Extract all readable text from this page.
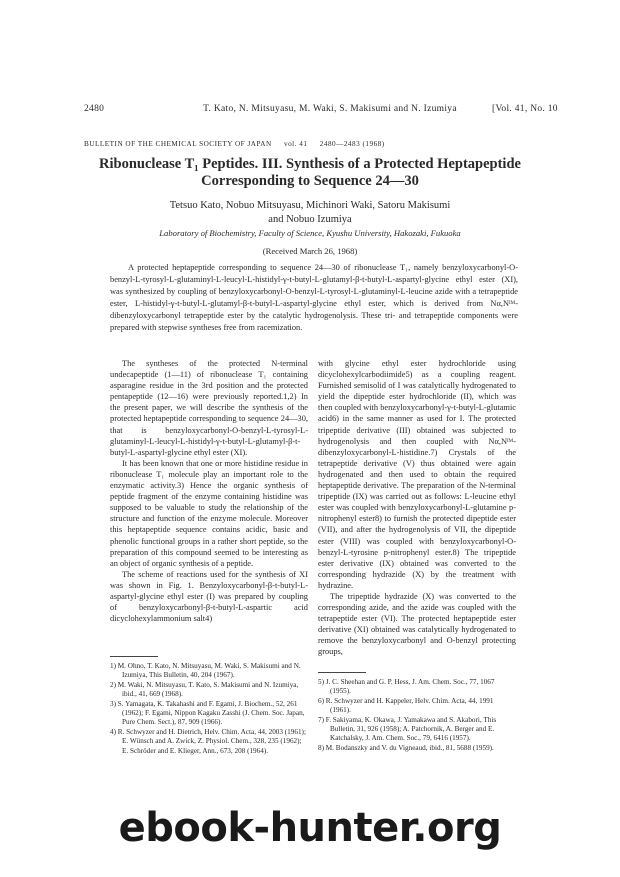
2480	T. Kato, N. Mitsuyasu, M. Waki, S. Makisumi and N. Izumiya	[Vol. 41, No. 10
BULLETIN OF THE CHEMICAL SOCIETY OF JAPAN vol. 41 2480—2483 (1968)
Ribonuclease T₁ Peptides. III. Synthesis of a Protected Heptapeptide
Corresponding to Sequence 24—30
Tetsuo Kato, Nobuo Mitsuyasu, Michinori Waki, Satoru Makisumi
and Nobuo Izumiya
Laboratory of Biochemistry, Faculty of Science, Kyushu University, Hakozaki, Fukuoka
(Received March 26, 1968)

A protected heptapeptide corresponding to sequence 24—30 of ribonuclease T₁, namely benzyloxycarbonyl-O-benzyl-L-tyrosyl-L-glutaminyl-L-leucyl-L-histidyl-γ-t-butyl-L-glutamyl-β-t-butyl-L-aspartyl-glycine ethyl ester (XI), was synthesized by coupling of benzyloxycarbonyl-O-benzyl-L-tyrosyl-L-glutaminyl-L-leucine azide with a tetrapeptide ester, L-histidyl-γ-t-butyl-L-glutamyl-β-t-butyl-L-aspartyl-glycine ethyl ester, which is derived from Nα,Nᴵᴹ-dibenzyloxycarbonyl tetrapeptide ester by the catalytic hydrogenolysis. These tri- and tetrapeptide components were prepared with stepwise syntheses free from racemization.

The syntheses of the protected N-terminal undecapeptide (1—11) of ribonuclease T₁ containing asparagine residue in the 3rd position and the protected pentapeptide (12—16) were previously reported.1,2) In the present paper, we will describe the synthesis of the protected heptapeptide corresponding to sequence 24—30, that is benzyloxycarbonyl-O-benzyl-L-tyrosyl-L-glutaminyl-L-leucyl-L-histidyl-γ-t-butyl-L-glutamyl-β-t-butyl-L-aspartyl-glycine ethyl ester (XI).

It has been known that one or more histidine residue in ribonuclease T₁ molecule play an important role to the enzymatic activity.3) Hence the organic synthesis of peptide fragment of the enzyme containing histidine was supposed to be valuable to study the relationship of the structure and function of the enzyme molecule. Moreover this heptapeptide sequence contains acidic, basic and phenolic functional groups in a rather short peptide, so the preparation of this compound seemed to be interesting as an object of organic synthesis of a peptide.

The scheme of reactions used for the synthesis of XI was shown in Fig. 1. Benzyloxycarbonyl-β-t-butyl-L-aspartyl-glycine ethyl ester (I) was prepared by coupling of benzyloxycarbonyl-β-t-butyl-L-aspartic acid dicyclohexylammonium salt4)

with glycine ethyl ester hydrochloride using dicyclohexylcarbodiimide5) as a coupling reagent. Furnished semisolid of I was catalytically hydrogenated to yield the dipeptide ester hydrochloride (II), which was then coupled with benzyloxycarbonyl-γ-t-butyl-L-glutamic acid6) in the same manner as used for I. The protected tripeptide derivative (III) obtained was subjected to hydrogenolysis and then coupled with Nα,Nᴵᴹ-dibenzyloxycarbonyl-L-histidine.7) Crystals of the tetrapeptide derivative (V) thus obtained were again hydrogenated and then used to obtain the required heptapeptide derivative. The preparation of the N-terminal tripeptide (IX) was carried out as follows: L-leucine ethyl ester was coupled with benzyloxycarbonyl-L-glutamine p-nitrophenyl ester8) to furnish the protected dipeptide ester (VII), and after the hydrogenolysis of VII, the dipeptide ester (VIII) was coupled with benzyloxycarbonyl-O-benzyl-L-tyrosine p-nitrophenyl ester.8) The tripeptide ester derivative (IX) obtained was converted to the corresponding hydrazide (X) by the treatment with hydrazine.

The tripeptide hydrazide (X) was converted to the corresponding azide, and the azide was coupled with the tetrapeptide ester (VI). The protected heptapeptide ester derivative (XI) obtained was catalytically hydrogenated to remove the benzyloxycarbonyl and O-benzyl protecting groups,

1) M. Ohno, T. Kato, N. Mitsuyasu, M. Waki, S. Makisumi and N. Izumiya, This Bulletin, 40, 204 (1967).
2) M. Waki, N. Mitsuyasu, T. Kato, S. Makisumi and N. Izumiya, ibid., 41, 669 (1968).
3) S. Yamagata, K. Takahashi and F. Egami, J. Biochem., 52, 261 (1962); F. Egami, Nippon Kagaku Zasshi (J. Chem. Soc. Japan, Pure Chem. Sect.), 87, 909 (1966).
4) R. Schwyzer and H. Dietrich, Helv. Chim. Acta, 44, 2003 (1961); E. Wünsch and A. Zwick, Z. Physiol. Chem., 328, 235 (1962); E. Schröder and E. Klieger, Ann., 673, 208 (1964).
5) J. C. Sheehan and G. P. Hess, J. Am. Chem. Soc., 77, 1067 (1955).
6) R. Schwyzer and H. Kappeler, Helv. Chim. Acta, 44, 1991 (1961).
7) F. Sakiyama, K. Okawa, J. Yamakawa and S. Akabori, This Bulletin, 31, 926 (1958); A. Patchornik, A. Berger and E. Katchalsky, J. Am. Chem. Soc., 79, 6416 (1957).
8) M. Bodanszky and V. du Vigneaud, ibid., 81, 5688 (1959).
ebook-hunter.org
